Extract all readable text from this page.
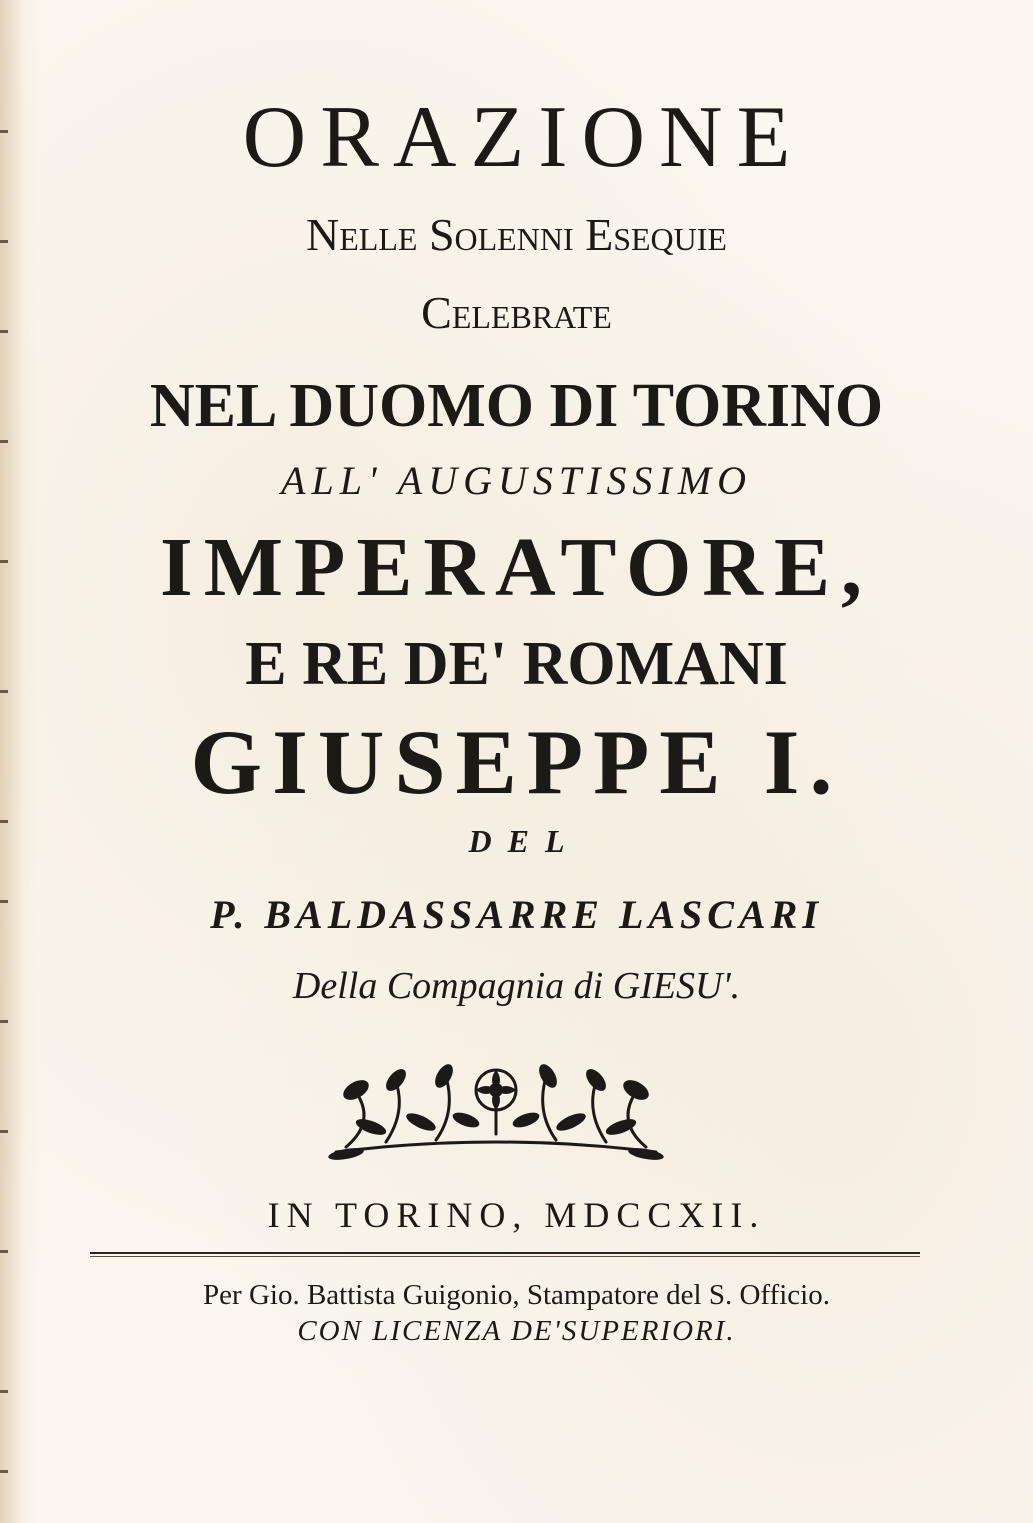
ORAZIONE
Nelle Solenni Esequie
Celebrate
NEL DUOMO DI TORINO
ALL' AUGUSTISSIMO
IMPERATORE,
E RE DE' ROMANI
GIUSEPPE I.
DEL
P. BALDASSARRE LASCARI
Della Compagnia di GIESU'.
IN TORINO, MDCCXII.
Per Gio. Battista Guigonio, Stampatore del S. Officio.
CON LICENZA DE'SUPERIORI.
